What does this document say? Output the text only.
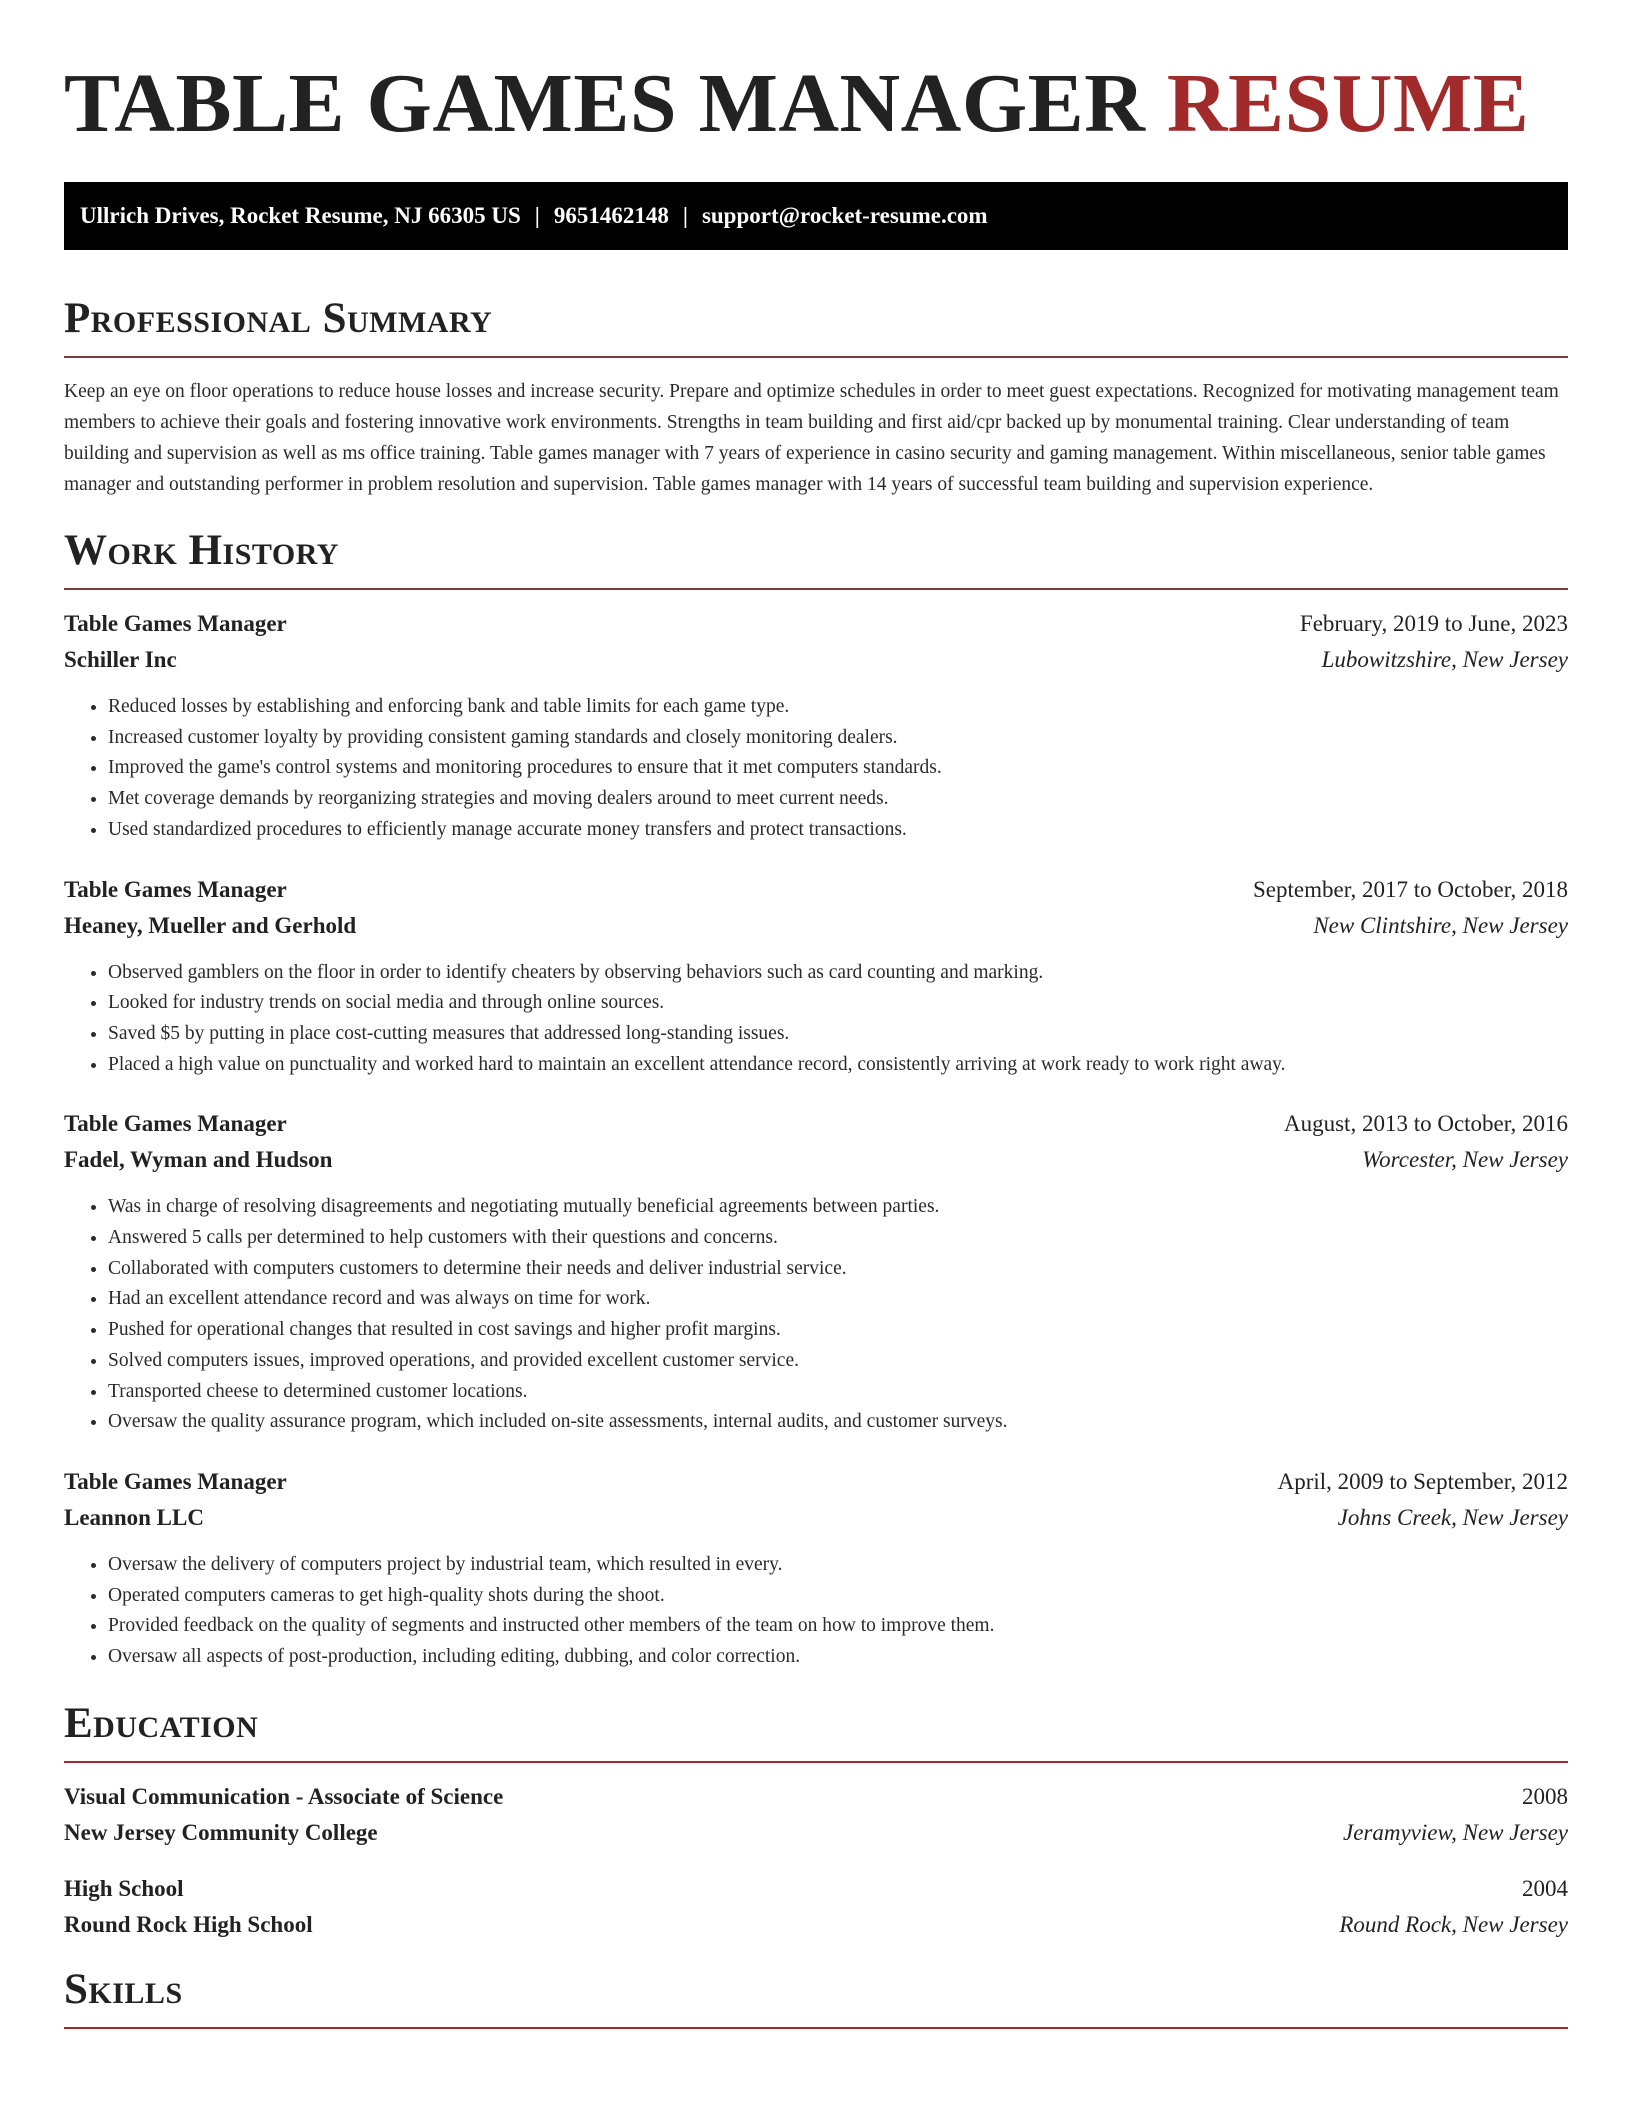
TABLE GAMES MANAGER RESUME
Ullrich Drives, Rocket Resume, NJ 66305 US | 9651462148 | support@rocket-resume.com
Professional Summary

Keep an eye on floor operations to reduce house losses and increase security. Prepare and optimize schedules in order to meet guest expectations. Recognized for motivating management team members to achieve their goals and fostering innovative work environments. Strengths in team building and first aid/cpr backed up by monumental training. Clear understanding of team building and supervision as well as ms office training. Table games manager with 7 years of experience in casino security and gaming management. Within miscellaneous, senior table games manager and outstanding performer in problem resolution and supervision. Table games manager with 14 years of successful team building and supervision experience.

Work History
Table Games Manager	February, 2019 to June, 2023
Schiller Inc	Lubowitzshire, New Jersey
• Reduced losses by establishing and enforcing bank and table limits for each game type.
• Increased customer loyalty by providing consistent gaming standards and closely monitoring dealers.
• Improved the game's control systems and monitoring procedures to ensure that it met computers standards.
• Met coverage demands by reorganizing strategies and moving dealers around to meet current needs.
• Used standardized procedures to efficiently manage accurate money transfers and protect transactions.
Table Games Manager	September, 2017 to October, 2018
Heaney, Mueller and Gerhold	New Clintshire, New Jersey
• Observed gamblers on the floor in order to identify cheaters by observing behaviors such as card counting and marking.
• Looked for industry trends on social media and through online sources.
• Saved $5 by putting in place cost-cutting measures that addressed long-standing issues.
• Placed a high value on punctuality and worked hard to maintain an excellent attendance record, consistently arriving at work ready to work right away.
Table Games Manager	August, 2013 to October, 2016
Fadel, Wyman and Hudson	Worcester, New Jersey
• Was in charge of resolving disagreements and negotiating mutually beneficial agreements between parties.
• Answered 5 calls per determined to help customers with their questions and concerns.
• Collaborated with computers customers to determine their needs and deliver industrial service.
• Had an excellent attendance record and was always on time for work.
• Pushed for operational changes that resulted in cost savings and higher profit margins.
• Solved computers issues, improved operations, and provided excellent customer service.
• Transported cheese to determined customer locations.
• Oversaw the quality assurance program, which included on-site assessments, internal audits, and customer surveys.
Table Games Manager	April, 2009 to September, 2012
Leannon LLC	Johns Creek, New Jersey
• Oversaw the delivery of computers project by industrial team, which resulted in every.
• Operated computers cameras to get high-quality shots during the shoot.
• Provided feedback on the quality of segments and instructed other members of the team on how to improve them.
• Oversaw all aspects of post-production, including editing, dubbing, and color correction.
Education
Visual Communication - Associate of Science	2008
New Jersey Community College	Jeramyview, New Jersey
High School	2004
Round Rock High School	Round Rock, New Jersey
Skills
